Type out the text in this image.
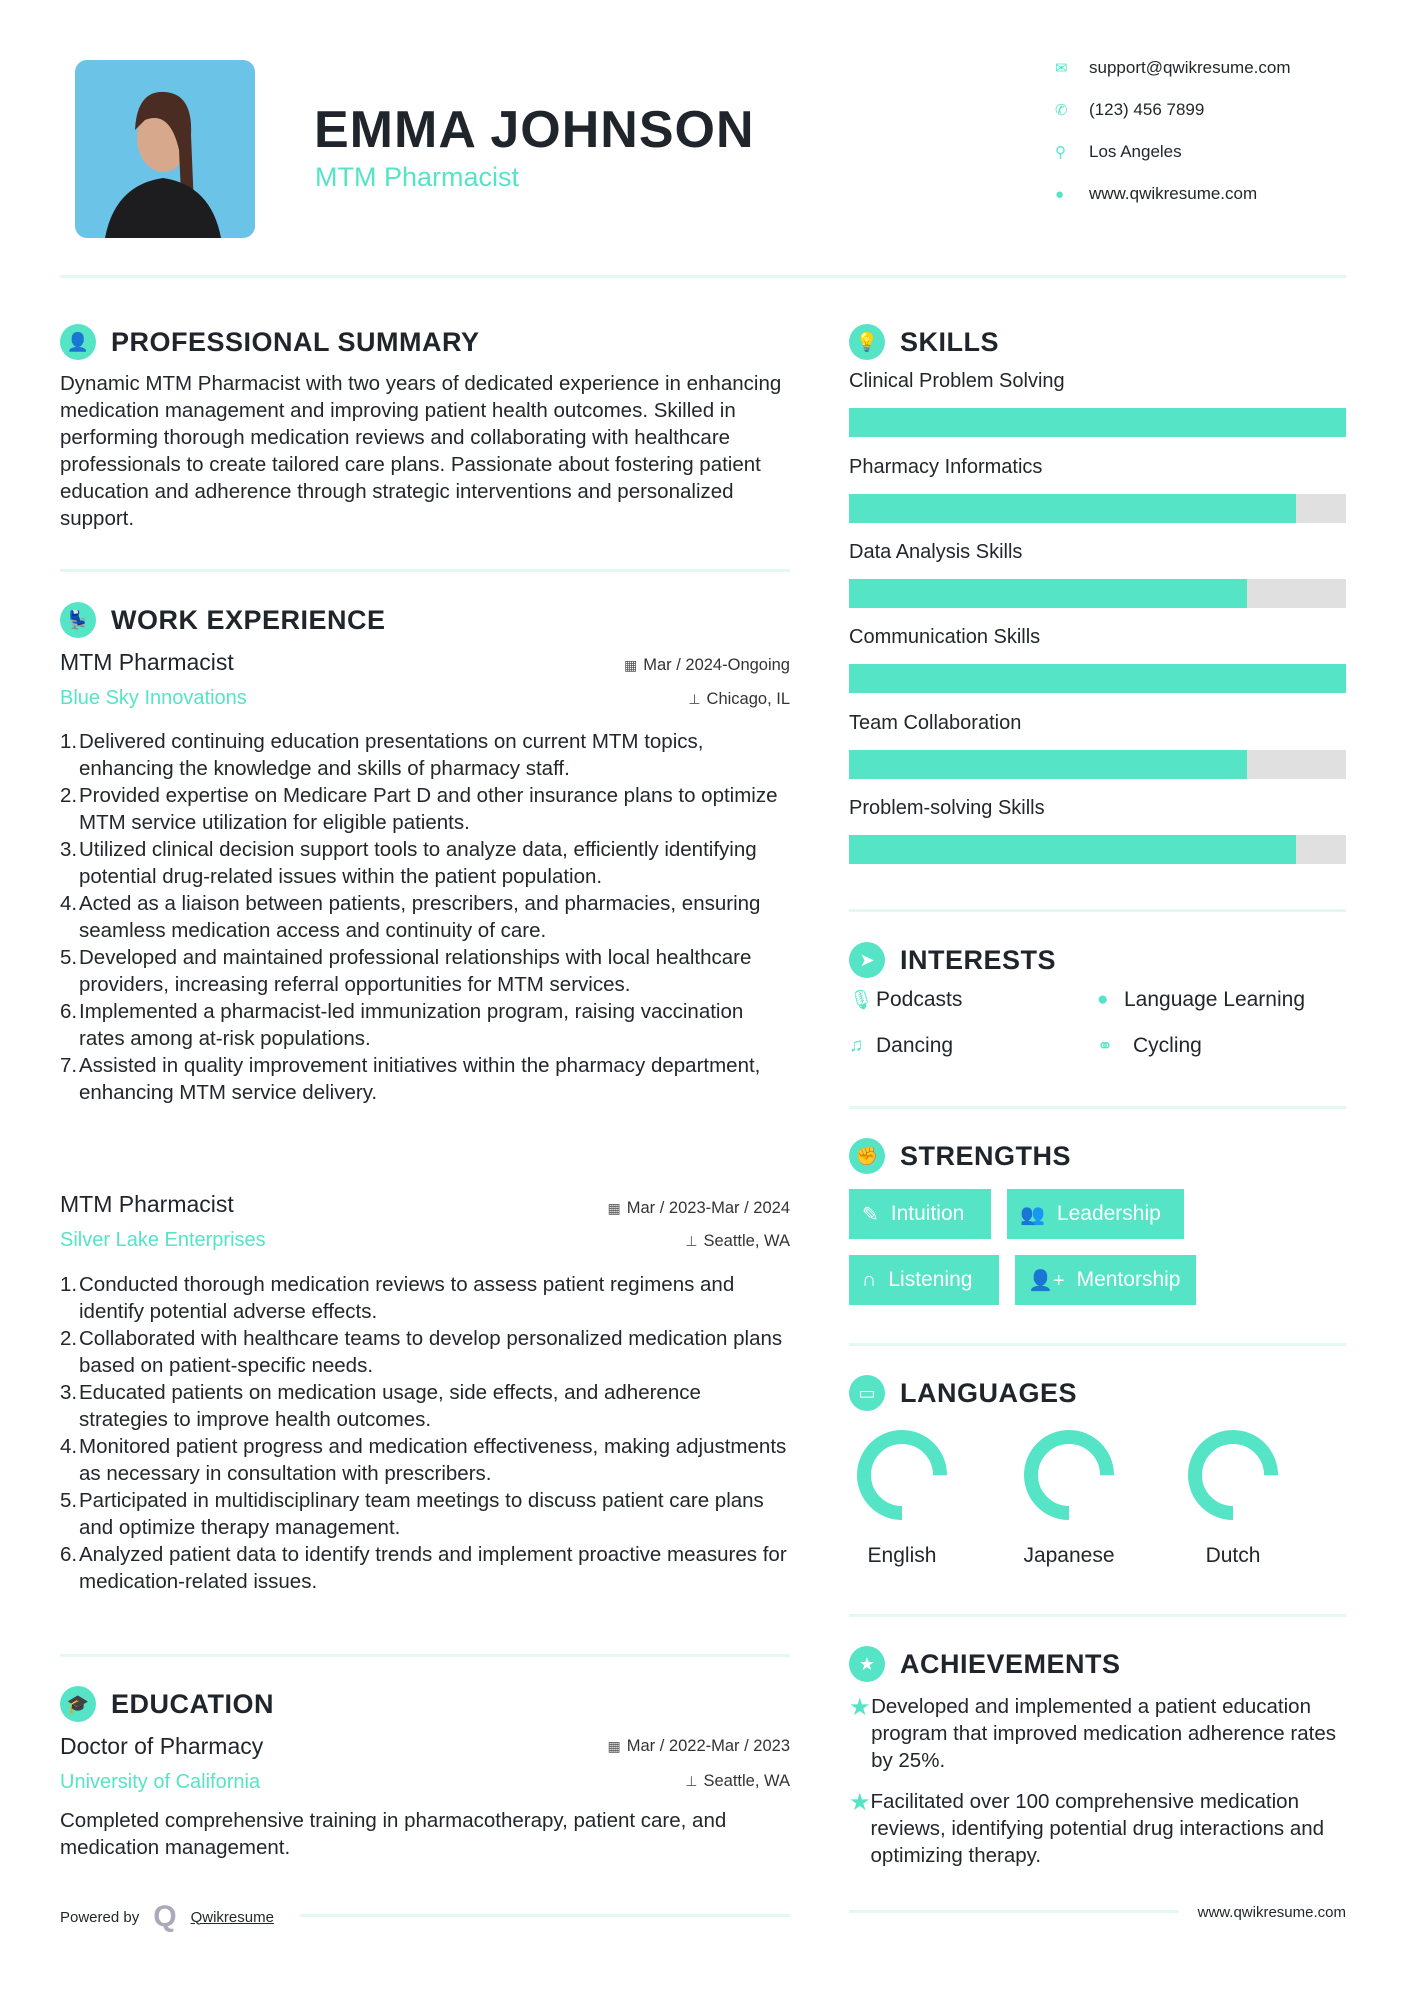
EMMA JOHNSON
MTM Pharmacist
✉	support@qwikresume.com
✆	(123) 456 7899
⚲	Los Angeles
●	www.qwikresume.com
👤 PROFESSIONAL SUMMARY
Dynamic MTM Pharmacist with two years of dedicated experience in enhancing medication management and improving patient health outcomes. Skilled in performing thorough medication reviews and collaborating with healthcare professionals to create tailored care plans. Passionate about fostering patient education and adherence through strategic interventions and personalized support.
💺 WORK EXPERIENCE
MTM Pharmacist	▦ Mar / 2024-Ongoing
Blue Sky Innovations	⊥ Chicago, IL
1. Delivered continuing education presentations on current MTM topics, enhancing the knowledge and skills of pharmacy staff.
2. Provided expertise on Medicare Part D and other insurance plans to optimize MTM service utilization for eligible patients.
3. Utilized clinical decision support tools to analyze data, efficiently identifying potential drug-related issues within the patient population.
4. Acted as a liaison between patients, prescribers, and pharmacies, ensuring seamless medication access and continuity of care.
5. Developed and maintained professional relationships with local healthcare providers, increasing referral opportunities for MTM services.
6. Implemented a pharmacist-led immunization program, raising vaccination rates among at-risk populations.
7. Assisted in quality improvement initiatives within the pharmacy department, enhancing MTM service delivery.
MTM Pharmacist	▦ Mar / 2023-Mar / 2024
Silver Lake Enterprises	⊥ Seattle, WA
1. Conducted thorough medication reviews to assess patient regimens and identify potential adverse effects.
2. Collaborated with healthcare teams to develop personalized medication plans based on patient-specific needs.
3. Educated patients on medication usage, side effects, and adherence strategies to improve health outcomes.
4. Monitored patient progress and medication effectiveness, making adjustments as necessary in consultation with prescribers.
5. Participated in multidisciplinary team meetings to discuss patient care plans and optimize therapy management.
6. Analyzed patient data to identify trends and implement proactive measures for medication-related issues.
🎓 EDUCATION
Doctor of Pharmacy	▦ Mar / 2022-Mar / 2023
University of California	⊥ Seattle, WA
Completed comprehensive training in pharmacotherapy, patient care, and medication management.
Powered by Q Qwikresume	www.qwikresume.com
💡 SKILLS
Clinical Problem Solving
Pharmacy Informatics
Data Analysis Skills
Communication Skills
Team Collaboration
Problem-solving Skills
➤ INTERESTS
🎙 Podcasts	● Language Learning
♫ Dancing	⚭ Cycling
✊ STRENGTHS
✎ Intuition	👥 Leadership
∩ Listening	👤+ Mentorship
▭ LANGUAGES
English	Japanese	Dutch
★ ACHIEVEMENTS
★ Developed and implemented a patient education program that improved medication adherence rates by 25%.
★ Facilitated over 100 comprehensive medication reviews, identifying potential drug interactions and optimizing therapy.
